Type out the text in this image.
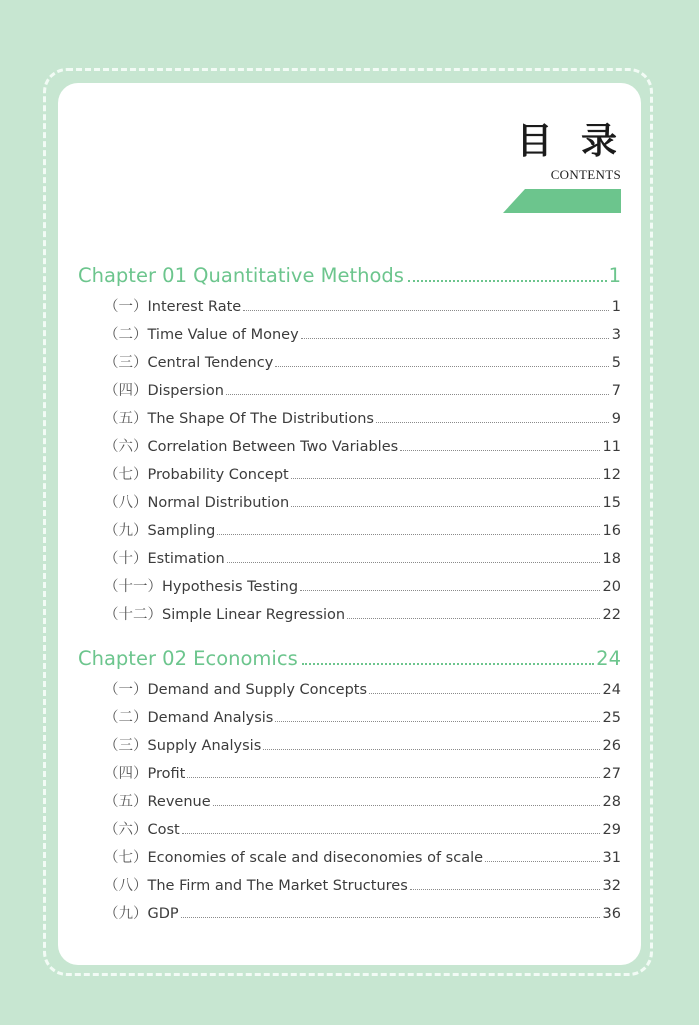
目 录
CONTENTS
Chapter 01 Quantitative Methods	1
（一） Interest Rate	1
（二） Time Value of Money	3
（三） Central Tendency	5
（四） Dispersion	7
（五） The Shape Of The Distributions	9
（六） Correlation Between Two Variables	11
（七） Probability Concept	12
（八） Normal Distribution	15
（九） Sampling	16
（十） Estimation	18
（十一） Hypothesis Testing	20
（十二） Simple Linear Regression	22
Chapter 02 Economics	24
（一） Demand and Supply Concepts	24
（二） Demand Analysis	25
（三） Supply Analysis	26
（四） Profit	27
（五） Revenue	28
（六） Cost	29
（七） Economies of scale and diseconomies of scale	31
（八） The Firm and The Market Structures	32
（九） GDP	36
